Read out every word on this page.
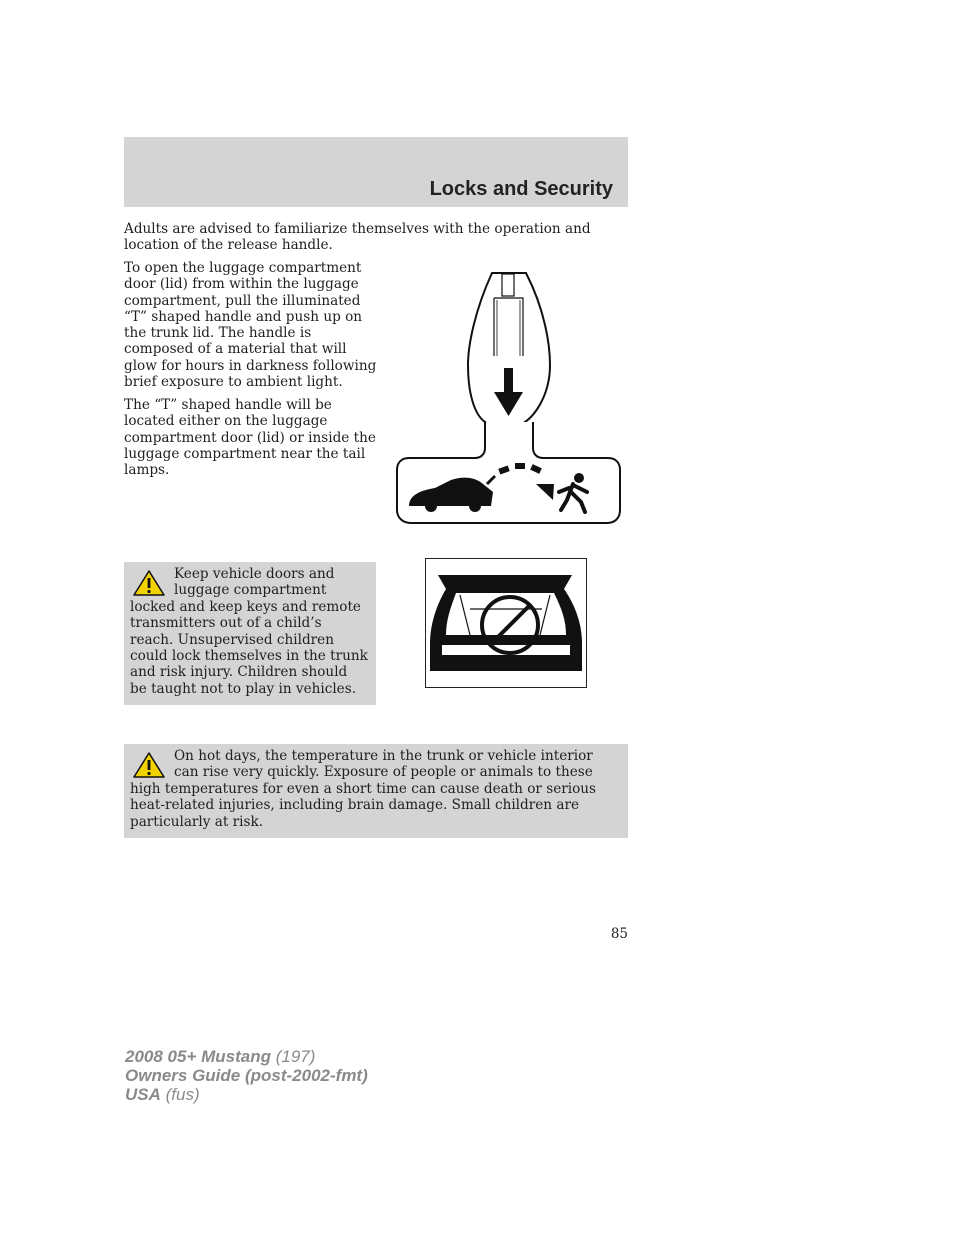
Locks and Security

Adults are advised to familiarize themselves with the operation and location of the release handle.

To open the luggage compartment door (lid) from within the luggage compartment, pull the illuminated “T” shaped handle and push up on the trunk lid. The handle is composed of a material that will glow for hours in darkness following brief exposure to ambient light.

The “T” shaped handle will be located either on the luggage compartment door (lid) or inside the luggage compartment near the tail lamps.

Keep vehicle doors and luggage compartment locked and keep keys and remote transmitters out of a child’s reach. Unsupervised children could lock themselves in the trunk and risk injury. Children should be taught not to play in vehicles.
On hot days, the temperature in the trunk or vehicle interior can rise very quickly. Exposure of people or animals to these high temperatures for even a short time can cause death or serious heat-related injuries, including brain damage. Small children are particularly at risk.
85
2008 05+ Mustang (197)
Owners Guide (post-2002-fmt)
USA (fus)
